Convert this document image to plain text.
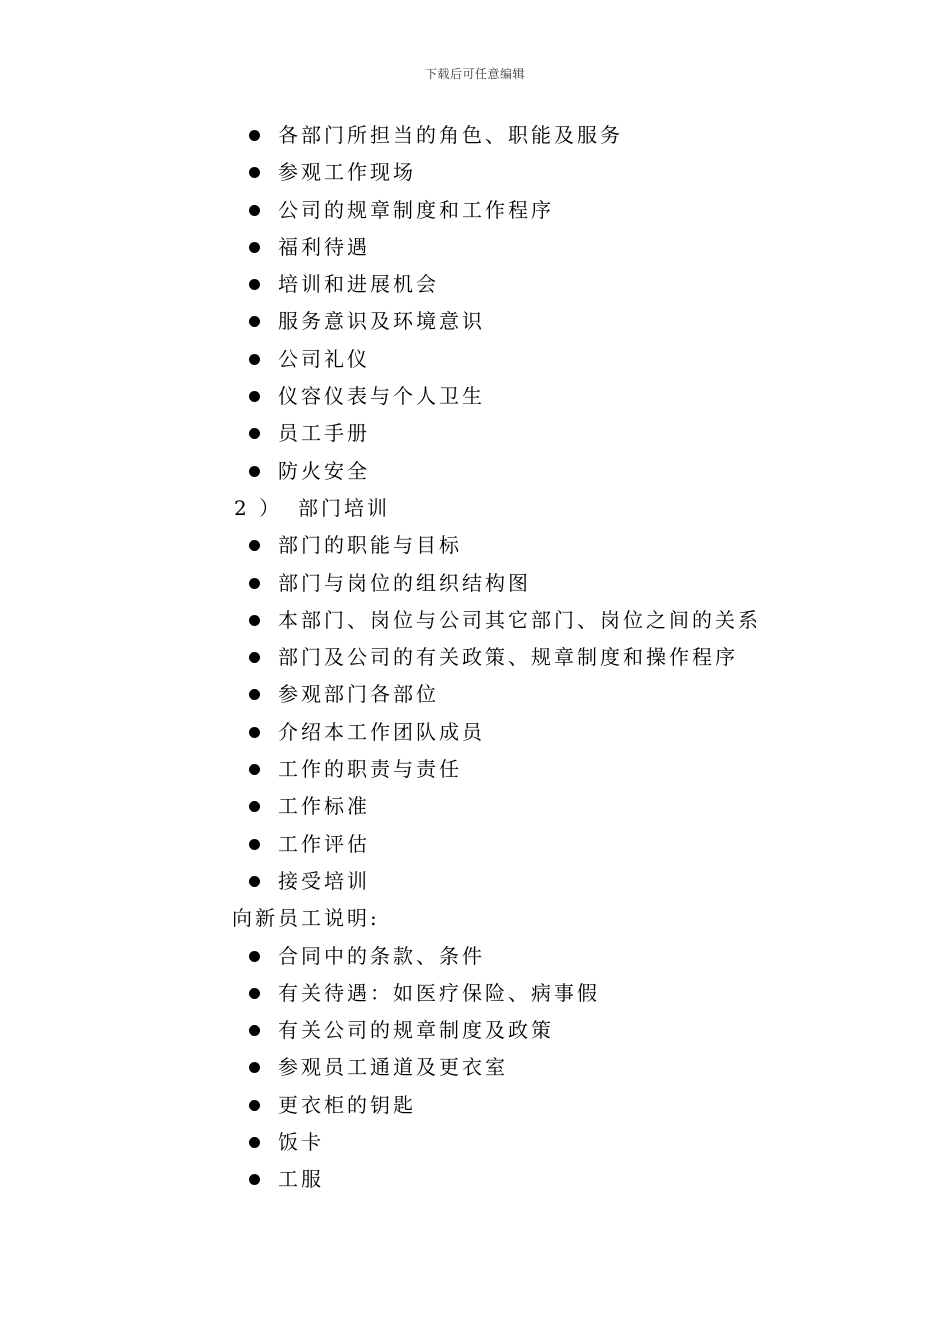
下载后可任意编辑
各部门所担当的角色、职能及服务
参观工作现场
公司的规章制度和工作程序
福利待遇
培训和进展机会
服务意识及环境意识
公司礼仪
仪容仪表与个人卫生
员工手册
防火安全
2 ） 部门培训
部门的职能与目标
部门与岗位的组织结构图
本部门、岗位与公司其它部门、岗位之间的关系
部门及公司的有关政策、规章制度和操作程序
参观部门各部位
介绍本工作团队成员
工作的职责与责任
工作标准
工作评估
接受培训
向新员工说明:
合同中的条款、条件
有关待遇：如医疗保险、病事假
有关公司的规章制度及政策
参观员工通道及更衣室
更衣柜的钥匙
饭卡
工服
